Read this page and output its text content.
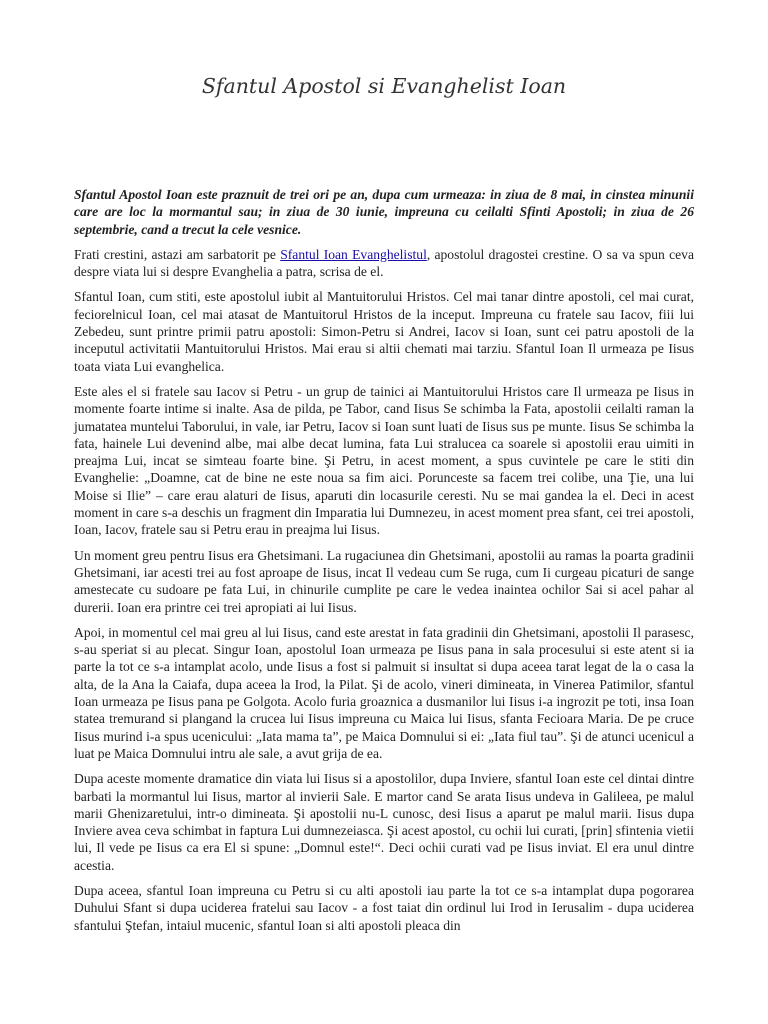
Sfantul Apostol si Evanghelist Ioan

Sfantul Apostol Ioan este praznuit de trei ori pe an, dupa cum urmeaza: in ziua de 8 mai, in cinstea minunii care are loc la mormantul sau; in ziua de 30 iunie, impreuna cu ceilalti Sfinti Apostoli; in ziua de 26 septembrie, cand a trecut la cele vesnice.

Frati crestini, astazi am sarbatorit pe Sfantul Ioan Evanghelistul, apostolul dragostei crestine. O sa va spun ceva despre viata lui si despre Evanghelia a patra, scrisa de el.

Sfantul Ioan, cum stiti, este apostolul iubit al Mantuitorului Hristos. Cel mai tanar dintre apostoli, cel mai curat, feciorelnicul Ioan, cel mai atasat de Mantuitorul Hristos de la inceput. Impreuna cu fratele sau Iacov, fiii lui Zebedeu, sunt printre primii patru apostoli: Simon-Petru si Andrei, Iacov si Ioan, sunt cei patru apostoli de la inceputul activitatii Mantuitorului Hristos. Mai erau si altii chemati mai tarziu. Sfantul Ioan Il urmeaza pe Iisus toata viata Lui evanghelica.

Este ales el si fratele sau Iacov si Petru - un grup de tainici ai Mantuitorului Hristos care Il urmeaza pe Iisus in momente foarte intime si inalte. Asa de pilda, pe Tabor, cand Iisus Se schimba la Fata, apostolii ceilalti raman la jumatatea muntelui Taborului, in vale, iar Petru, Iacov si Ioan sunt luati de Iisus sus pe munte. Iisus Se schimba la fata, hainele Lui devenind albe, mai albe decat lumina, fata Lui stralucea ca soarele si apostolii erau uimiti in preajma Lui, incat se simteau foarte bine. Şi Petru, in acest moment, a spus cuvintele pe care le stiti din Evanghelie: „Doamne, cat de bine ne este noua sa fim aici. Porunceste sa facem trei colibe, una Ţie, una lui Moise si Ilie” – care erau alaturi de Iisus, aparuti din locasurile ceresti. Nu se mai gandea la el. Deci in acest moment in care s-a deschis un fragment din Imparatia lui Dumnezeu, in acest moment prea sfant, cei trei apostoli, Ioan, Iacov, fratele sau si Petru erau in preajma lui Iisus.

Un moment greu pentru Iisus era Ghetsimani. La rugaciunea din Ghetsimani, apostolii au ramas la poarta gradinii Ghetsimani, iar acesti trei au fost aproape de Iisus, incat Il vedeau cum Se ruga, cum Ii curgeau picaturi de sange amestecate cu sudoare pe fata Lui, in chinurile cumplite pe care le vedea inaintea ochilor Sai si acel pahar al durerii. Ioan era printre cei trei apropiati ai lui Iisus.

Apoi, in momentul cel mai greu al lui Iisus, cand este arestat in fata gradinii din Ghetsimani, apostolii Il parasesc, s-au speriat si au plecat. Singur Ioan, apostolul Ioan urmeaza pe Iisus pana in sala procesului si este atent si ia parte la tot ce s-a intamplat acolo, unde Iisus a fost si palmuit si insultat si dupa aceea tarat legat de la o casa la alta, de la Ana la Caiafa, dupa aceea la Irod, la Pilat. Şi de acolo, vineri dimineata, in Vinerea Patimilor, sfantul Ioan urmeaza pe Iisus pana pe Golgota. Acolo furia groaznica a dusmanilor lui Iisus i-a ingrozit pe toti, insa Ioan statea tremurand si plangand la crucea lui Iisus impreuna cu Maica lui Iisus, sfanta Fecioara Maria. De pe cruce Iisus murind i-a spus ucenicului: „Iata mama ta”, pe Maica Domnului si ei: „Iata fiul tau”. Şi de atunci ucenicul a luat pe Maica Domnului intru ale sale, a avut grija de ea.

Dupa aceste momente dramatice din viata lui Iisus si a apostolilor, dupa Inviere, sfantul Ioan este cel dintai dintre barbati la mormantul lui Iisus, martor al invierii Sale. E martor cand Se arata Iisus undeva in Galileea, pe malul marii Ghenizaretului, intr-o dimineata. Şi apostolii nu-L cunosc, desi Iisus a aparut pe malul marii. Iisus dupa Inviere avea ceva schimbat in faptura Lui dumnezeiasca. Şi acest apostol, cu ochii lui curati, [prin] sfintenia vietii lui, Il vede pe Iisus ca era El si spune: „Domnul este!“. Deci ochii curati vad pe Iisus inviat. El era unul dintre acestia.

Dupa aceea, sfantul Ioan impreuna cu Petru si cu alti apostoli iau parte la tot ce s-a intamplat dupa pogorarea Duhului Sfant si dupa uciderea fratelui sau Iacov - a fost taiat din ordinul lui Irod in Ierusalim - dupa uciderea sfantului Ştefan, intaiul mucenic, sfantul Ioan si alti apostoli pleaca din
